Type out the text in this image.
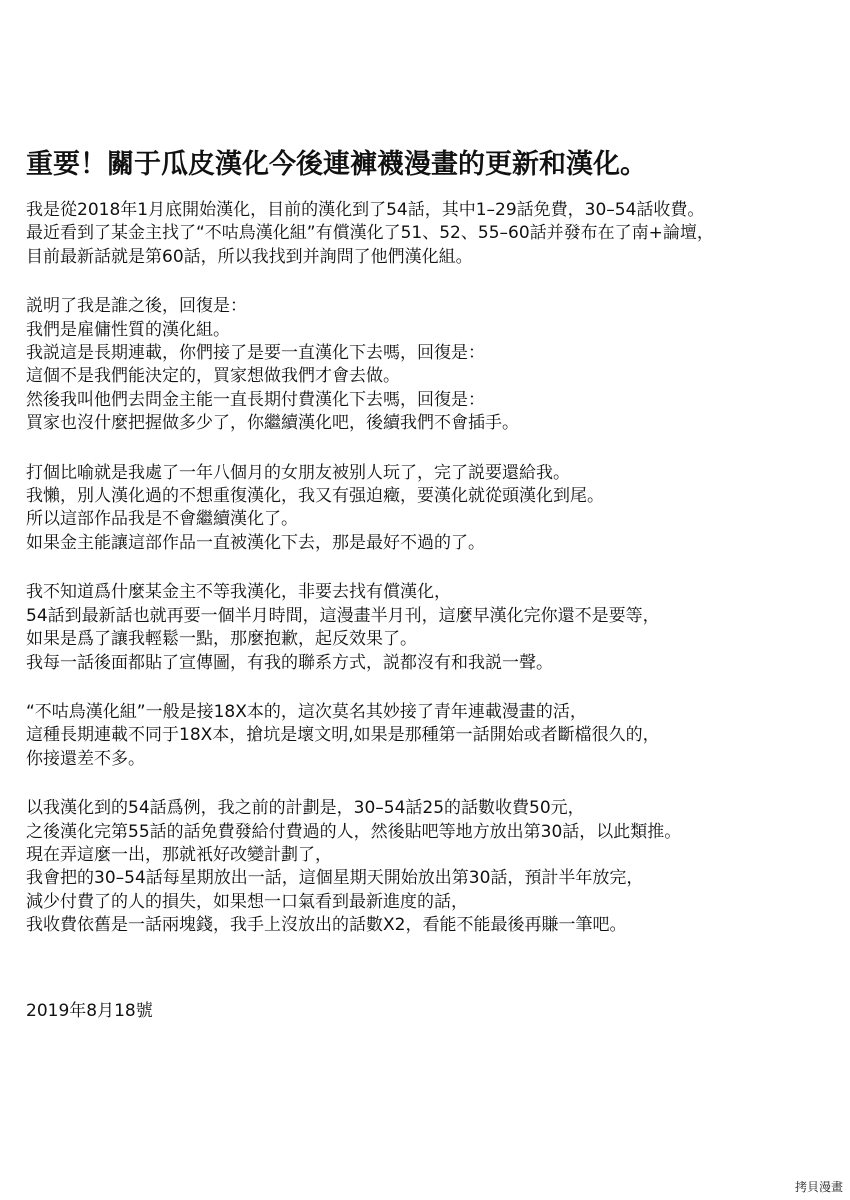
重要！關于瓜皮漢化今後連褲襪漫畫的更新和漢化。
我是從2018年1月底開始漢化，目前的漢化到了54話，其中1–29話免費，30–54話收費。
最近看到了某金主找了“不咕鳥漢化組”有償漢化了51、52、55–60話并發布在了南+論壇，
目前最新話就是第60話，所以我找到并詢問了他們漢化組。
説明了我是誰之後，回復是：
我們是雇傭性質的漢化組。
我説這是長期連載，你們接了是要一直漢化下去嗎，回復是：
這個不是我們能決定的，買家想做我們才會去做。
然後我叫他們去問金主能一直長期付費漢化下去嗎，回復是：
買家也沒什麼把握做多少了，你繼續漢化吧，後續我們不會插手。
打個比喻就是我處了一年八個月的女朋友被别人玩了，完了説要還給我。
我懶，別人漢化過的不想重復漢化，我又有强迫癥，要漢化就從頭漢化到尾。
所以這部作品我是不會繼續漢化了。
如果金主能讓這部作品一直被漢化下去，那是最好不過的了。
我不知道爲什麼某金主不等我漢化，非要去找有償漢化，
54話到最新話也就再要一個半月時間，這漫畫半月刊，這麼早漢化完你還不是要等，
如果是爲了讓我輕鬆一點，那麼抱歉，起反效果了。
我每一話後面都貼了宣傳圖，有我的聯系方式，説都沒有和我説一聲。
“不咕鳥漢化組”一般是接18X本的，這次莫名其妙接了青年連載漫畫的活，
這種長期連載不同于18X本，搶坑是壞文明,如果是那種第一話開始或者斷檔很久的，
你接還差不多。
以我漢化到的54話爲例，我之前的計劃是，30–54話25的話數收費50元，
之後漢化完第55話的話免費發給付費過的人，然後貼吧等地方放出第30話，以此類推。
現在弄這麼一出，那就衹好改變計劃了，
我會把的30–54話每星期放出一話，這個星期天開始放出第30話，預計半年放完，
減少付費了的人的損失，如果想一口氣看到最新進度的話，
我收費依舊是一話兩塊錢，我手上沒放出的話數X2，看能不能最後再賺一筆吧。
2019年8月18號
拷貝漫畫
